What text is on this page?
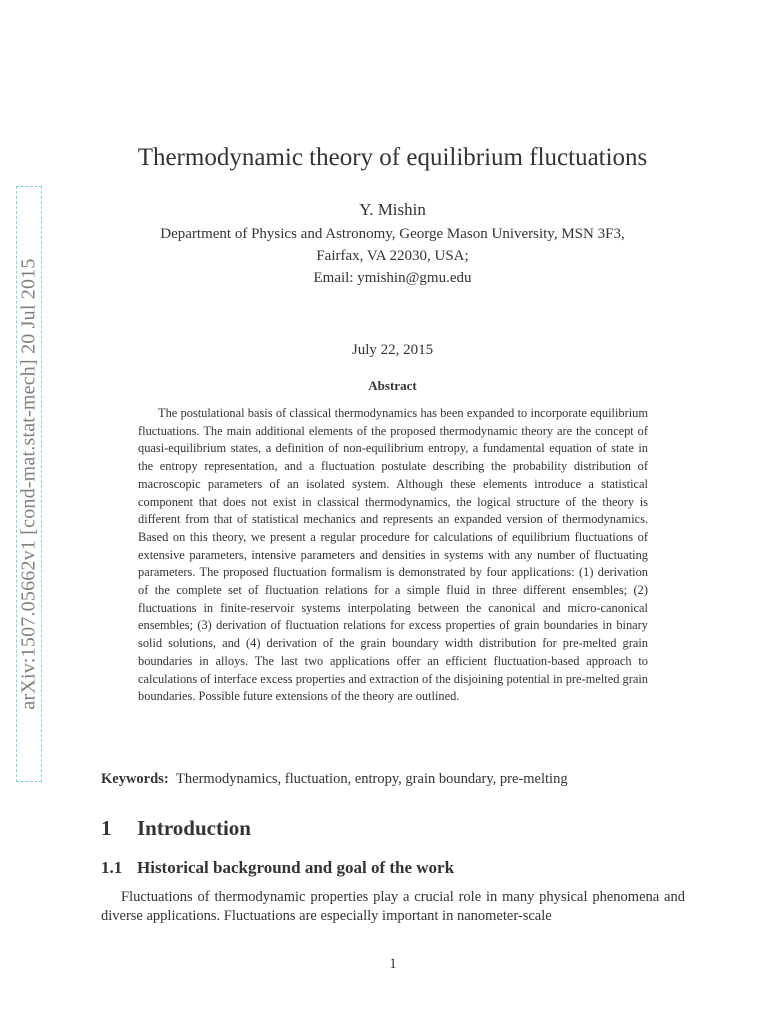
arXiv:1507.05662v1 [cond-mat.stat-mech] 20 Jul 2015
Thermodynamic theory of equilibrium fluctuations
Y. Mishin
Department of Physics and Astronomy, George Mason University, MSN 3F3,
Fairfax, VA 22030, USA;
Email: ymishin@gmu.edu
July 22, 2015
Abstract

The postulational basis of classical thermodynamics has been expanded to incorporate equilibrium fluctuations. The main additional elements of the proposed thermodynamic theory are the concept of quasi-equilibrium states, a definition of non-equilibrium entropy, a fundamental equation of state in the entropy representation, and a fluctuation postulate describing the probability distribution of macroscopic parameters of an isolated system. Although these elements introduce a statistical component that does not exist in classical thermodynamics, the logical structure of the theory is different from that of statistical mechanics and represents an expanded version of thermodynamics. Based on this theory, we present a regular procedure for calculations of equilibrium fluctuations of extensive parameters, intensive parameters and densities in systems with any number of fluctuating parameters. The proposed fluctuation formalism is demonstrated by four applications: (1) derivation of the complete set of fluctuation relations for a simple fluid in three different ensembles; (2) fluctuations in finite-reservoir systems interpolating between the canonical and micro-canonical ensembles; (3) derivation of fluctuation relations for excess properties of grain boundaries in binary solid solutions, and (4) derivation of the grain boundary width distribution for pre-melted grain boundaries in alloys. The last two applications offer an efficient fluctuation-based approach to calculations of interface excess properties and extraction of the disjoining potential in pre-melted grain boundaries. Possible future extensions of the theory are outlined.

Keywords: Thermodynamics, fluctuation, entropy, grain boundary, pre-melting
1 Introduction
1.1 Historical background and goal of the work

Fluctuations of thermodynamic properties play a crucial role in many physical phenomena and diverse applications. Fluctuations are especially important in nanometer-scale

1
